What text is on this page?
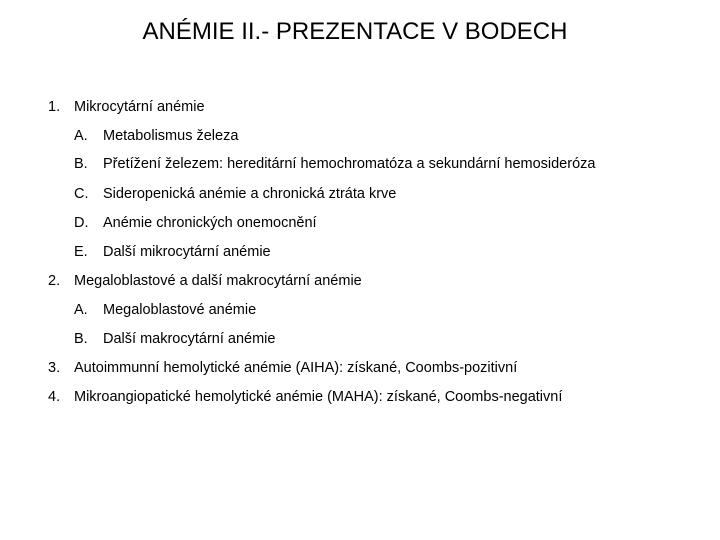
ANÉMIE II.- PREZENTACE V BODECH
1. Mikrocytární anémie
A. Metabolismus železa
B. Přetížení železem: hereditární hemochromatóza a sekundární hemosideróza
C. Sideropenická anémie a chronická ztráta krve
D. Anémie chronických onemocnění
E. Další mikrocytární anémie
2. Megaloblastové a další makrocytární anémie
A. Megaloblastové anémie
B. Další makrocytární anémie
3. Autoimmunní hemolytické anémie (AIHA): získané, Coombs-pozitivní
4. Mikroangiopatické hemolytické anémie (MAHA): získané, Coombs-negativní
